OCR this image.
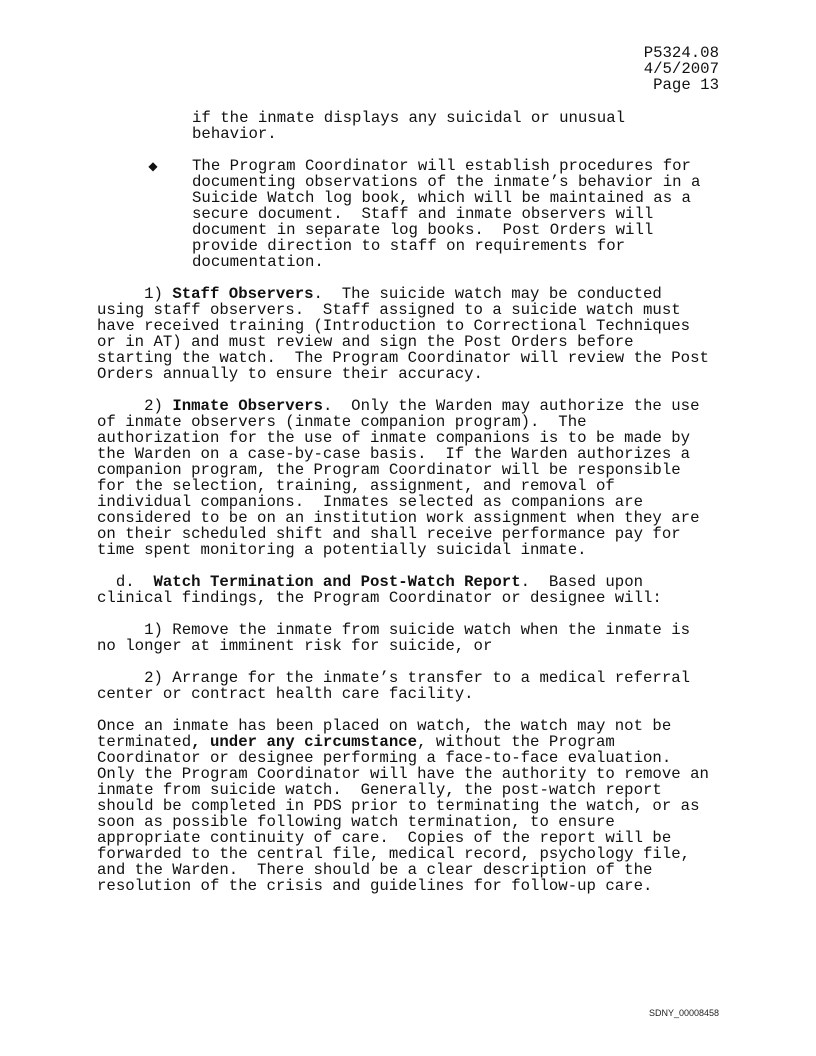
P5324.08
4/5/2007
Page 13
if the inmate displays any suicidal or unusual
behavior.
◆ The Program Coordinator will establish procedures for
documenting observations of the inmate’s behavior in a
Suicide Watch log book, which will be maintained as a
secure document.  Staff and inmate observers will
document in separate log books.  Post Orders will
provide direction to staff on requirements for
documentation.
1) Staff Observers.  The suicide watch may be conducted
using staff observers.  Staff assigned to a suicide watch must
have received training (Introduction to Correctional Techniques
or in AT) and must review and sign the Post Orders before
starting the watch.  The Program Coordinator will review the Post
Orders annually to ensure their accuracy.
2) Inmate Observers.  Only the Warden may authorize the use
of inmate observers (inmate companion program).  The
authorization for the use of inmate companions is to be made by
the Warden on a case-by-case basis.  If the Warden authorizes a
companion program, the Program Coordinator will be responsible
for the selection, training, assignment, and removal of
individual companions.  Inmates selected as companions are
considered to be on an institution work assignment when they are
on their scheduled shift and shall receive performance pay for
time spent monitoring a potentially suicidal inmate.
d.  Watch Termination and Post-Watch Report.  Based upon
clinical findings, the Program Coordinator or designee will:
1) Remove the inmate from suicide watch when the inmate is
no longer at imminent risk for suicide, or
2) Arrange for the inmate’s transfer to a medical referral
center or contract health care facility.
Once an inmate has been placed on watch, the watch may not be
terminated, under any circumstance, without the Program
Coordinator or designee performing a face-to-face evaluation.
Only the Program Coordinator will have the authority to remove an
inmate from suicide watch.  Generally, the post-watch report
should be completed in PDS prior to terminating the watch, or as
soon as possible following watch termination, to ensure
appropriate continuity of care.  Copies of the report will be
forwarded to the central file, medical record, psychology file,
and the Warden.  There should be a clear description of the
resolution of the crisis and guidelines for follow-up care.
SDNY_00008458
